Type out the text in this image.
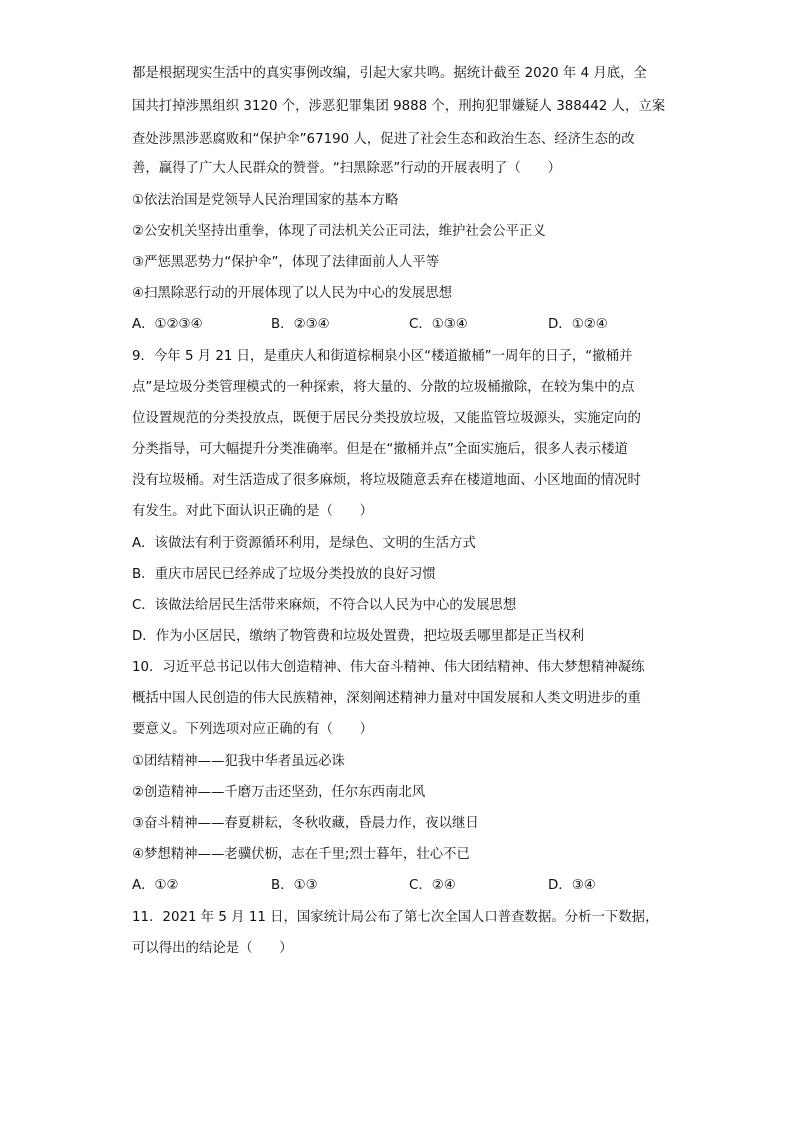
都是根据现实生活中的真实事例改编，引起大家共鸣。据统计截至 2020 年 4 月底，全
国共打掉涉黑组织 3120 个，涉恶犯罪集团 9888 个，刑拘犯罪嫌疑人 388442 人，立案
查处涉黑涉恶腐败和“保护伞”67190 人，促进了社会生态和政治生态、经济生态的改
善，赢得了广大人民群众的赞誉。“扫黑除恶”行动的开展表明了（　　）
①依法治国是党领导人民治理国家的基本方略
②公安机关坚持出重拳，体现了司法机关公正司法，维护社会公平正义
③严惩黑恶势力“保护伞”，体现了法律面前人人平等
④扫黑除恶行动的开展体现了以人民为中心的发展思想
A．①②③④	B．②③④	C．①③④	D．①②④
9．今年 5 月 21 日，是重庆人和街道棕桐泉小区“楼道撤桶”一周年的日子，“撤桶并
点”是垃圾分类管理模式的一种探索，将大量的、分散的垃圾桶撤除，在较为集中的点
位设置规范的分类投放点，既便于居民分类投放垃圾，又能监管垃圾源头，实施定向的
分类指导，可大幅提升分类准确率。但是在“撤桶并点”全面实施后，很多人表示楼道
没有垃圾桶。对生活造成了很多麻烦，将垃圾随意丢弃在楼道地面、小区地面的情况时
有发生。对此下面认识正确的是（　　）
A．该做法有利于资源循环利用，是绿色、文明的生活方式
B．重庆市居民已经养成了垃圾分类投放的良好习惯
C．该做法给居民生活带来麻烦，不符合以人民为中心的发展思想
D．作为小区居民，缴纳了物管费和垃圾处置费，把垃圾丢哪里都是正当权利
10．习近平总书记以伟大创造精神、伟大奋斗精神、伟大团结精神、伟大梦想精神凝练
概括中国人民创造的伟大民族精神，深刻阐述精神力量对中国发展和人类文明进步的重
要意义。下列选项对应正确的有（　　）
①团结精神——犯我中华者虽远必诛
②创造精神——千磨万击还坚劲，任尔东西南北风
③奋斗精神——春夏耕耘，冬秋收藏，昏晨力作，夜以继日
④梦想精神——老骥伏枥，志在千里;烈士暮年，壮心不已
A．①②	B．①③	C．②④	D．③④
11．2021 年 5 月 11 日，国家统计局公布了第七次全国人口普查数据。分析一下数据，
可以得出的结论是（　　）
